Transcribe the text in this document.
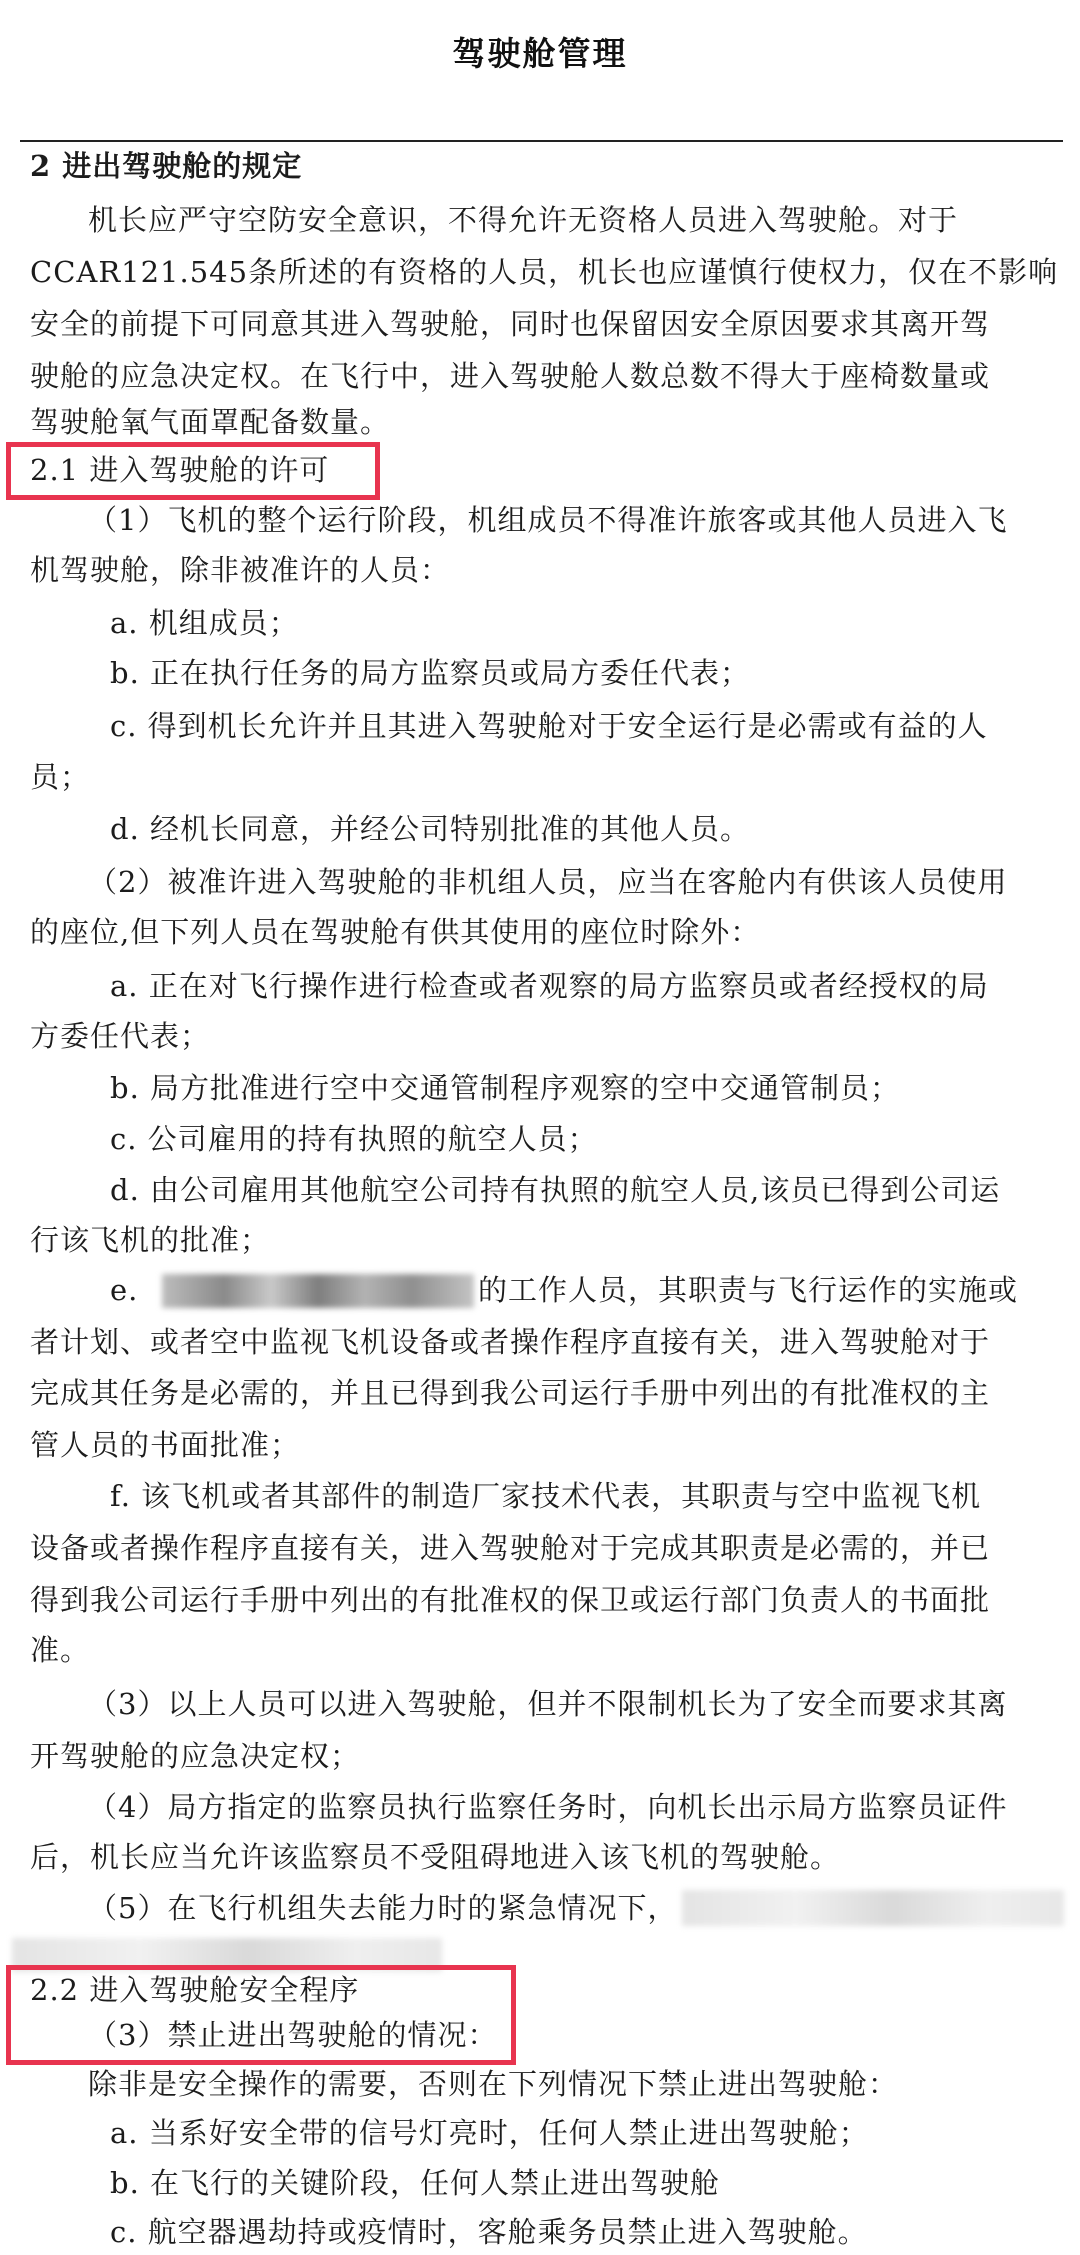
驾驶舱管理
2 进出驾驶舱的规定
机长应严守空防安全意识，不得允许无资格人员进入驾驶舱。对于
CCAR121.545条所述的有资格的人员，机长也应谨慎行使权力，仅在不影响
安全的前提下可同意其进入驾驶舱，同时也保留因安全原因要求其离开驾
驶舱的应急决定权。在飞行中，进入驾驶舱人数总数不得大于座椅数量或
驾驶舱氧气面罩配备数量。
2.1 进入驾驶舱的许可
（1）飞机的整个运行阶段，机组成员不得准许旅客或其他人员进入飞
机驾驶舱，除非被准许的人员：
a. 机组成员；
b. 正在执行任务的局方监察员或局方委任代表；
c. 得到机长允许并且其进入驾驶舱对于安全运行是必需或有益的人
员；
d. 经机长同意，并经公司特别批准的其他人员。
（2）被准许进入驾驶舱的非机组人员，应当在客舱内有供该人员使用
的座位,但下列人员在驾驶舱有供其使用的座位时除外：
a. 正在对飞行操作进行检查或者观察的局方监察员或者经授权的局
方委任代表；
b. 局方批准进行空中交通管制程序观察的空中交通管制员；
c. 公司雇用的持有执照的航空人员；
d. 由公司雇用其他航空公司持有执照的航空人员,该员已得到公司运
行该飞机的批准；
e.	的工作人员，其职责与飞行运作的实施或
者计划、或者空中监视飞机设备或者操作程序直接有关，进入驾驶舱对于
完成其任务是必需的，并且已得到我公司运行手册中列出的有批准权的主
管人员的书面批准；
f. 该飞机或者其部件的制造厂家技术代表，其职责与空中监视飞机
设备或者操作程序直接有关，进入驾驶舱对于完成其职责是必需的，并已
得到我公司运行手册中列出的有批准权的保卫或运行部门负责人的书面批
准。
（3）以上人员可以进入驾驶舱，但并不限制机长为了安全而要求其离
开驾驶舱的应急决定权；
（4）局方指定的监察员执行监察任务时，向机长出示局方监察员证件
后，机长应当允许该监察员不受阻碍地进入该飞机的驾驶舱。
（5）在飞行机组失去能力时的紧急情况下，
2.2 进入驾驶舱安全程序
（3）禁止进出驾驶舱的情况：
除非是安全操作的需要，否则在下列情况下禁止进出驾驶舱：
a. 当系好安全带的信号灯亮时，任何人禁止进出驾驶舱；
b. 在飞行的关键阶段，任何人禁止进出驾驶舱
c. 航空器遇劫持或疫情时，客舱乘务员禁止进入驾驶舱。
